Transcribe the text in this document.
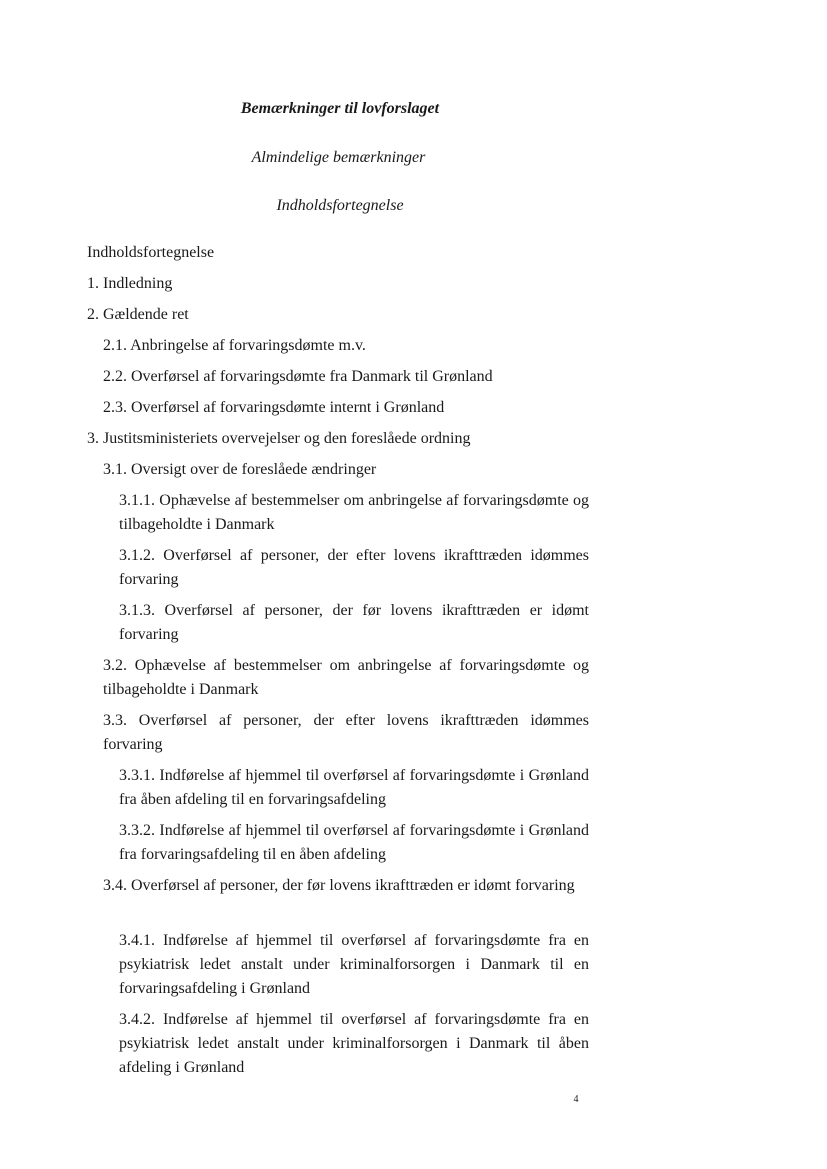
Bemærkninger til lovforslaget
Almindelige bemærkninger
Indholdsfortegnelse
Indholdsfortegnelse
1. Indledning
2. Gældende ret
2.1. Anbringelse af forvaringsdømte m.v.
2.2. Overførsel af forvaringsdømte fra Danmark til Grønland
2.3. Overførsel af forvaringsdømte internt i Grønland
3. Justitsministeriets overvejelser og den foreslåede ordning
3.1. Oversigt over de foreslåede ændringer
3.1.1. Ophævelse af bestemmelser om anbringelse af forvaringsdømte og tilbageholdte i Danmark
3.1.2. Overførsel af personer, der efter lovens ikrafttræden idømmes forvaring
3.1.3. Overførsel af personer, der før lovens ikrafttræden er idømt forvaring
3.2. Ophævelse af bestemmelser om anbringelse af forvaringsdømte og tilbageholdte i Danmark
3.3. Overførsel af personer, der efter lovens ikrafttræden idømmes forvaring
3.3.1. Indførelse af hjemmel til overførsel af forvaringsdømte i Grønland fra åben afdeling til en forvaringsafdeling
3.3.2. Indførelse af hjemmel til overførsel af forvaringsdømte i Grønland fra forvaringsafdeling til en åben afdeling
3.4. Overførsel af personer, der før lovens ikrafttræden er idømt forvaring
3.4.1. Indførelse af hjemmel til overførsel af forvaringsdømte fra en psykiatrisk ledet anstalt under kriminalforsorgen i Danmark til en forvaringsafdeling i Grønland
3.4.2. Indførelse af hjemmel til overførsel af forvaringsdømte fra en psykiatrisk ledet anstalt under kriminalforsorgen i Danmark til åben afdeling i Grønland
4
